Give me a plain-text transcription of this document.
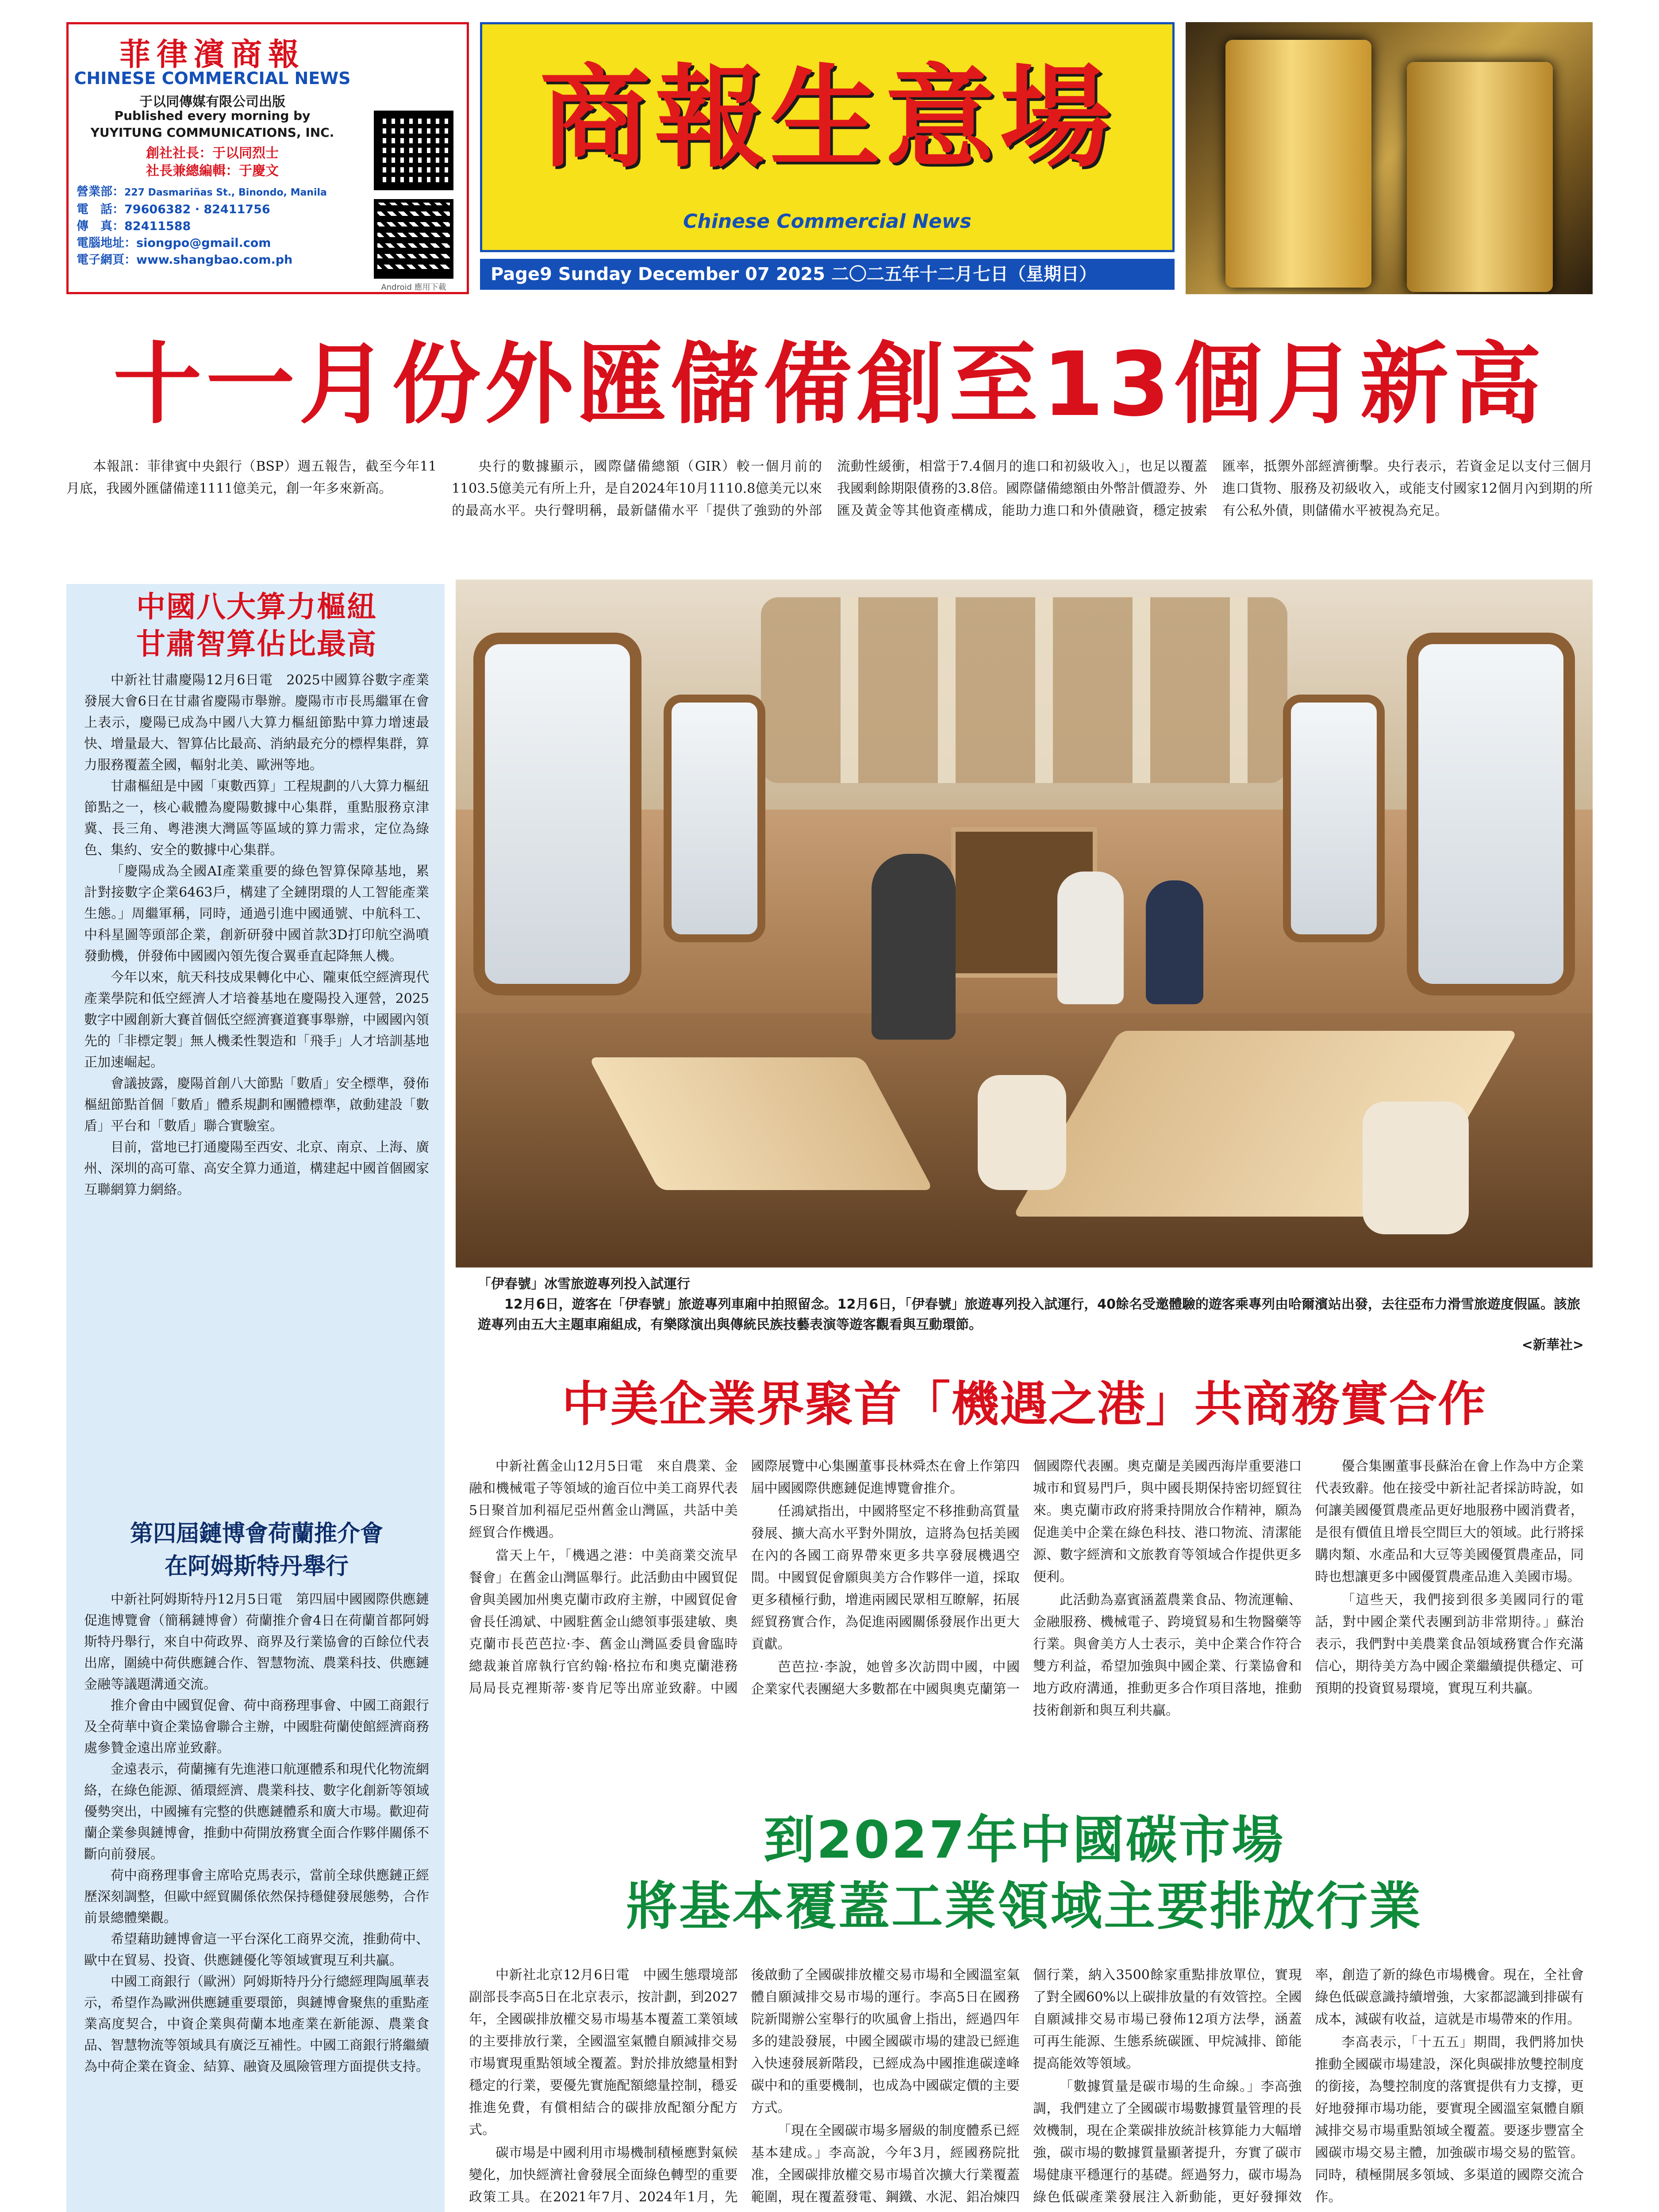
菲律濱商報
CHINESE COMMERCIAL NEWS
于以同傳媒有限公司出版
Published every morning by
YUYITUNG COMMUNICATIONS, INC.
創社社長：于以同烈士
社長兼總編輯：于慶文
營業部：227 Dasmariñas St., Binondo, Manila
電　話：79606382 · 82411756
傳　真：82411588
電腦地址：siongpo@gmail.com
電子網頁：www.shangbao.com.ph
Android 應用下載
商報生意場
Chinese Commercial News
Page9 Sunday December 07 2025 二〇二五年十二月七日（星期日）
十一月份外匯儲備創至13個月新高

本報訊：菲律賓中央銀行（BSP）週五報告，截至今年11月底，我國外匯儲備達1111億美元，創一年多來新高。

央行的數據顯示，國際儲備總額（GIR）較一個月前的1103.5億美元有所上升，是自2024年10月1110.8億美元以來的最高水平。央行聲明稱，最新儲備水平「提供了強勁的外部流動性緩衝，相當于7.4個月的進口和初級收入」，也足以覆蓋我國剩餘期限債務的3.8倍。國際儲備總額由外幣計價證券、外匯及黃金等其他資產構成，能助力進口和外債融資，穩定披索匯率，抵禦外部經濟衝擊。央行表示，若資金足以支付三個月進口貨物、服務及初級收入，或能支付國家12個月內到期的所有公私外債，則儲備水平被視為充足。

中國八大算力樞紐
甘肅智算佔比最高

中新社甘肅慶陽12月6日電　2025中國算谷數字產業發展大會6日在甘肅省慶陽市舉辦。慶陽市市長馬繼軍在會上表示，慶陽已成為中國八大算力樞紐節點中算力增速最快、增量最大、智算佔比最高、消納最充分的標桿集群，算力服務覆蓋全國，輻射北美、歐洲等地。

甘肅樞紐是中國「東數西算」工程規劃的八大算力樞紐節點之一，核心載體為慶陽數據中心集群，重點服務京津冀、長三角、粵港澳大灣區等區域的算力需求，定位為綠色、集約、安全的數據中心集群。

「慶陽成為全國AI產業重要的綠色智算保障基地，累計對接數字企業6463戶，構建了全鏈閉環的人工智能產業生態。」周繼軍稱，同時，通過引進中國通號、中航科工、中科星圖等頭部企業，創新研發中國首款3D打印航空渦噴發動機，併發佈中國國內領先復合翼垂直起降無人機。

今年以來，航天科技成果轉化中心、隴東低空經濟現代產業學院和低空經濟人才培養基地在慶陽投入運營，2025數字中國創新大賽首個低空經濟賽道賽事舉辦，中國國內領先的「非標定製」無人機柔性製造和「飛手」人才培訓基地正加速崛起。

會議披露，慶陽首創八大節點「數盾」安全標準，發佈樞紐節點首個「數盾」體系規劃和團體標準，啟動建設「數盾」平台和「數盾」聯合實驗室。

目前，當地已打通慶陽至西安、北京、南京、上海、廣州、深圳的高可靠、高安全算力通道，構建起中國首個國家互聯網算力網絡。

第四屆鏈博會荷蘭推介會
在阿姆斯特丹舉行

中新社阿姆斯特丹12月5日電　第四屆中國國際供應鏈促進博覽會（簡稱鏈博會）荷蘭推介會4日在荷蘭首都阿姆斯特丹舉行，來自中荷政界、商界及行業協會的百餘位代表出席，圍繞中荷供應鏈合作、智慧物流、農業科技、供應鏈金融等議題溝通交流。

推介會由中國貿促會、荷中商務理事會、中國工商銀行及全荷華中資企業協會聯合主辦，中國駐荷蘭使館經濟商務處參贊金遠出席並致辭。

金遠表示，荷蘭擁有先進港口航運體系和現代化物流網絡，在綠色能源、循環經濟、農業科技、數字化創新等領域優勢突出，中國擁有完整的供應鏈體系和廣大市場。歡迎荷蘭企業參與鏈博會，推動中荷開放務實全面合作夥伴關係不斷向前發展。

荷中商務理事會主席哈克馬表示，當前全球供應鏈正經歷深刻調整，但歐中經貿關係依然保持穩健發展態勢，合作前景總體樂觀。

希望藉助鏈博會這一平台深化工商界交流，推動荷中、歐中在貿易、投資、供應鏈優化等領域實現互利共贏。

中國工商銀行（歐洲）阿姆斯特丹分行總經理陶風華表示，希望作為歐洲供應鏈重要環節，與鏈博會聚焦的重點產業高度契合，中資企業與荷蘭本地產業在新能源、農業食品、智慧物流等領域具有廣泛互補性。中國工商銀行將繼續為中荷企業在資金、結算、融資及風險管理方面提供支持。

「伊春號」冰雪旅遊專列投入試運行
12月6日，遊客在「伊春號」旅遊專列車廂中拍照留念。12月6日，「伊春號」旅遊專列投入試運行，40餘名受邀體驗的遊客乘專列由哈爾濱站出發，去往亞布力滑雪旅遊度假區。該旅遊專列由五大主題車廂組成，有樂隊演出與傳統民族技藝表演等遊客觀看與互動環節。
<新華社>
中美企業界聚首「機遇之港」共商務實合作

中新社舊金山12月5日電　來自農業、金融和機械電子等領域的逾百位中美工商界代表5日聚首加利福尼亞州舊金山灣區，共話中美經貿合作機遇。

當天上午，「機遇之港：中美商業交流早餐會」在舊金山灣區舉行。此活動由中國貿促會與美國加州奧克蘭市政府主辦，中國貿促會會長任鴻斌、中國駐舊金山總領事張建敏、奧克蘭市長芭芭拉·李、舊金山灣區委員會臨時總裁兼首席執行官約翰·格拉布和奧克蘭港務局局長克裡斯蒂·麥肯尼等出席並致辭。中國國際展覽中心集團董事長林舜杰在會上作第四屆中國國際供應鏈促進博覽會推介。

任鴻斌指出，中國將堅定不移推動高質量發展、擴大高水平對外開放，這將為包括美國在內的各國工商界帶來更多共享發展機遇空間。中國貿促會願與美方合作夥伴一道，採取更多積極行動，增進兩國民眾相互瞭解，拓展經貿務實合作，為促進兩國關係發展作出更大貢獻。

芭芭拉·李說，她曾多次訪問中國，中國企業家代表團絕大多數都在中國與奧克蘭第一個國際代表團。奧克蘭是美國西海岸重要港口城市和貿易門戶，與中國長期保持密切經貿往來。奧克蘭市政府將秉持開放合作精神，願為促進美中企業在綠色科技、港口物流、清潔能源、數字經濟和文旅教育等領域合作提供更多便利。

此活動為嘉賓涵蓋農業食品、物流運輸、金融服務、機械電子、跨境貿易和生物醫藥等行業。與會美方人士表示，美中企業合作符合雙方利益，希望加強與中國企業、行業協會和地方政府溝通，推動更多合作項目落地，推動技術創新和與互利共贏。

優合集團董事長蘇治在會上作為中方企業代表致辭。他在接受中新社記者採訪時說，如何讓美國優質農產品更好地服務中國消費者，是很有價值且增長空間巨大的領域。此行將採購肉類、水產品和大豆等美國優質農產品，同時也想讓更多中國優質農產品進入美國市場。

「這些天，我們接到很多美國同行的電話，對中國企業代表團到訪非常期待。」蘇治表示，我們對中美農業食品領域務實合作充滿信心，期待美方為中國企業繼續提供穩定、可預期的投資貿易環境，實現互利共贏。

到2027年中國碳市場
將基本覆蓋工業領域主要排放行業

中新社北京12月6日電　中國生態環境部副部長李高5日在北京表示，按計劃，到2027年，全國碳排放權交易市場基本覆蓋工業領域的主要排放行業，全國溫室氣體自願減排交易市場實現重點領域全覆蓋。對於排放總量相對穩定的行業，要優先實施配額總量控制，穩妥推進免費，有償相結合的碳排放配額分配方式。

碳市場是中國利用市場機制積極應對氣候變化，加快經濟社會發展全面綠色轉型的重要政策工具。在2021年7月、2024年1月，先後啟動了全國碳排放權交易市場和全國溫室氣體自願減排交易市場的運行。李高5日在國務院新聞辦公室舉行的吹風會上指出，經過四年多的建設發展，中國全國碳市場的建設已經進入快速發展新階段，已經成為中國推進碳達峰碳中和的重要機制，也成為中國碳定價的主要方式。

「現在全國碳市場多層級的制度體系已經基本建成。」李高說，今年3月，經國務院批准，全國碳排放權交易市場首次擴大行業覆蓋範圍，現在覆蓋發電、鋼鐵、水泥、鋁冶煉四個行業，納入3500餘家重點排放單位，實現了對全國60%以上碳排放量的有效管控。全國自願減排交易市場已發佈12項方法學，涵蓋可再生能源、生態系統碳匯、甲烷減排、節能提高能效等領域。

「數據質量是碳市場的生命線。」李高強調，我們建立了全國碳市場數據質量管理的長效機制，現在企業碳排放統計核算能力大幅增強，碳市場的數據質量顯著提升，夯實了碳市場健康平穩運行的基礎。經過努力，碳市場為綠色低碳產業發展注入新動能，更好發揮效率，創造了新的綠色市場機會。現在，全社會綠色低碳意識持續增強，大家都認識到排碳有成本，減碳有收益，這就是市場帶來的作用。

李高表示，「十五五」期間，我們將加快推動全國碳市場建設，深化與碳排放雙控制度的銜接，為雙控制度的落實提供有力支撐，更好地發揮市場功能，要實現全國溫室氣體自願減排交易市場重點領域全覆蓋。要逐步豐富全國碳市場交易主體，加強碳市場交易的監管。同時，積極開展多領域、多渠道的國際交流合作。
